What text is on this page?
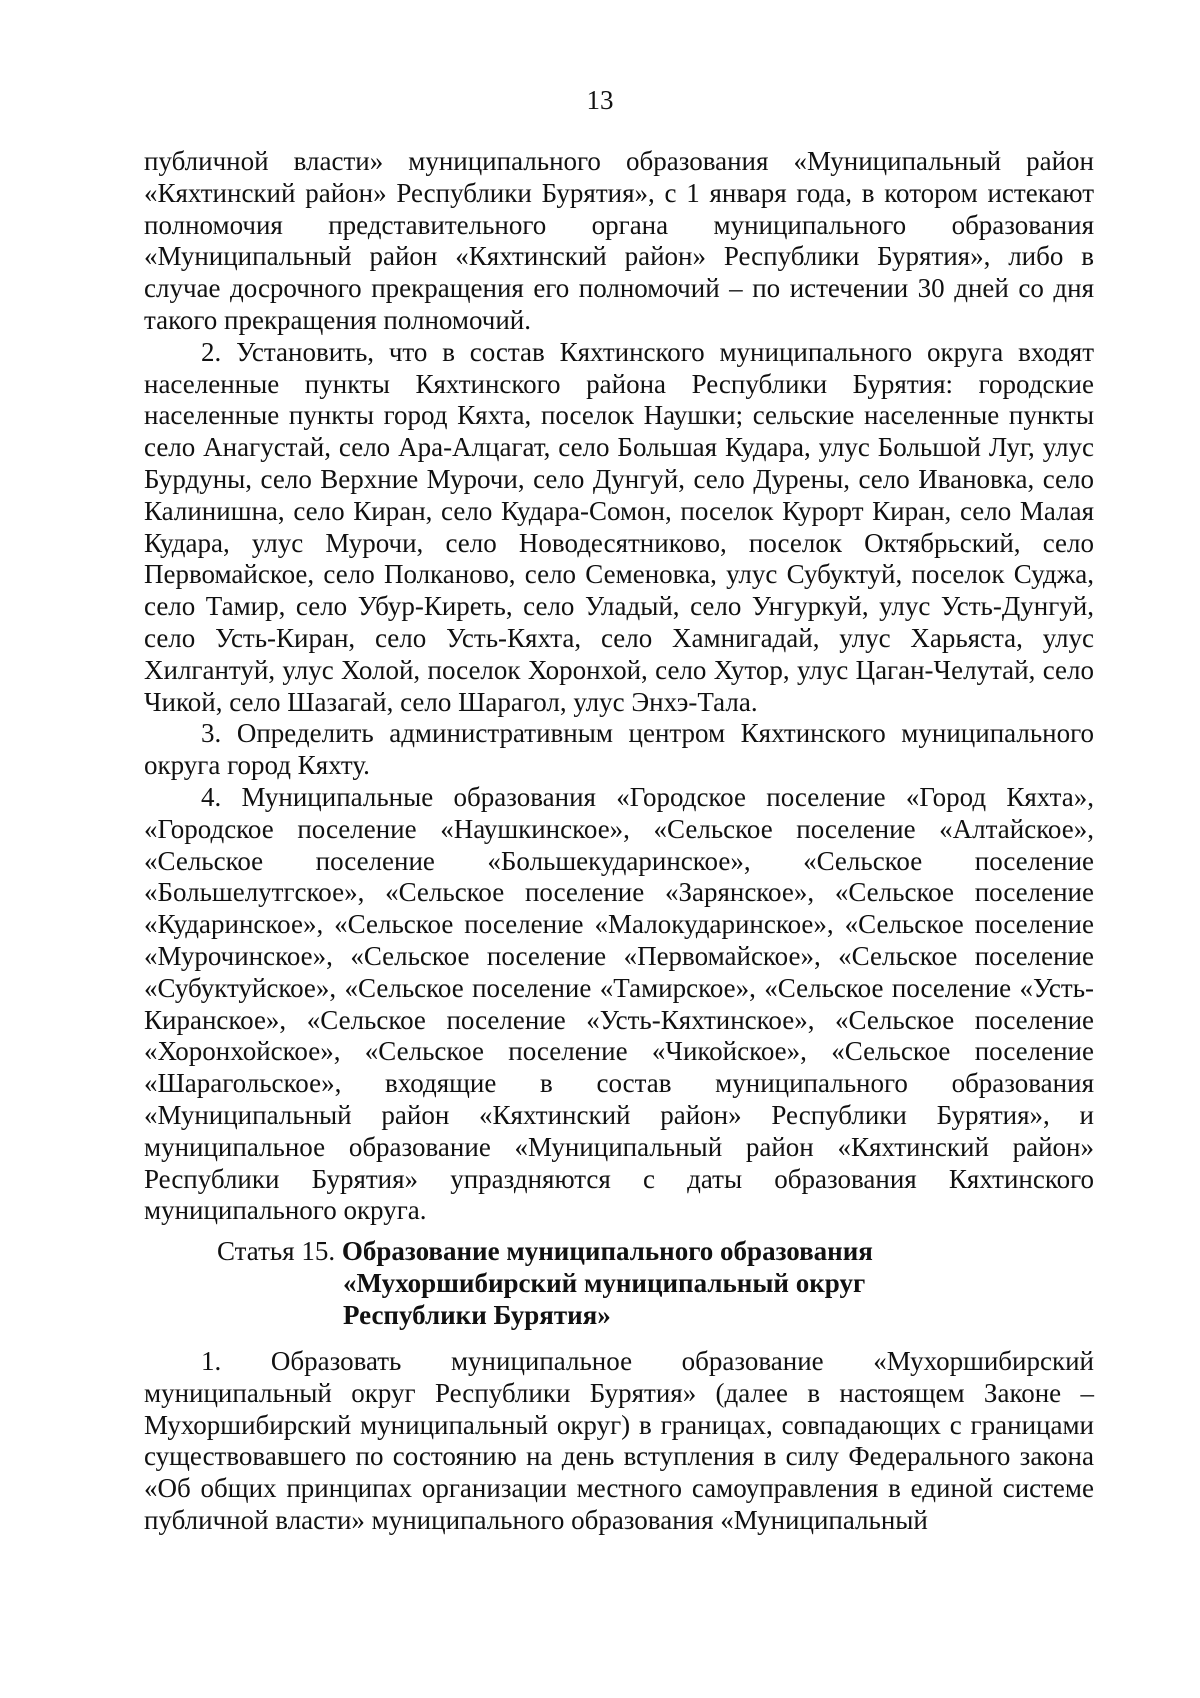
13

публичной власти» муниципального образования «Муниципальный район «Кяхтинский район» Республики Бурятия», с 1 января года, в котором истекают полномочия представительного органа муниципального образования «Муниципальный район «Кяхтинский район» Республики Бурятия», либо в случае досрочного прекращения его полномочий – по истечении 30 дней со дня такого прекращения полномочий.

2. Установить, что в состав Кяхтинского муниципального округа входят населенные пункты Кяхтинского района Республики Бурятия: городские населенные пункты город Кяхта, поселок Наушки; сельские населенные пункты село Анагустай, село Ара-Алцагат, село Большая Кудара, улус Большой Луг, улус Бурдуны, село Верхние Мурочи, село Дунгуй, село Дурены, село Ивановка, село Калинишна, село Киран, село Кудара-Сомон, поселок Курорт Киран, село Малая Кудара, улус Мурочи, село Новодесятниково, поселок Октябрьский, село Первомайское, село Полканово, село Семеновка, улус Субуктуй, поселок Суджа, село Тамир, село Убур-Киреть, село Уладый, село Унгуркуй, улус Усть-Дунгуй, село Усть-Киран, село Усть-Кяхта, село Хамнигадай, улус Харьяста, улус Хилгантуй, улус Холой, поселок Хоронхой, село Хутор, улус Цаган-Челутай, село Чикой, село Шазагай, село Шарагол, улус Энхэ-Тала.

3. Определить административным центром Кяхтинского муниципального округа город Кяхту.

4. Муниципальные образования «Городское поселение «Город Кяхта», «Городское поселение «Наушкинское», «Сельское поселение «Алтайское», «Сельское поселение «Большекударинское», «Сельское поселение «Большелутгское», «Сельское поселение «Зарянское», «Сельское поселение «Кударинское», «Сельское поселение «Малокударинское», «Сельское поселение «Мурочинское», «Сельское поселение «Первомайское», «Сельское поселение «Субуктуйское», «Сельское поселение «Тамирское», «Сельское поселение «Усть-Киранское», «Сельское поселение «Усть-Кяхтинское», «Сельское поселение «Хоронхойское», «Сельское поселение «Чикойское», «Сельское поселение «Шарагольское», входящие в состав муниципального образования «Муниципальный район «Кяхтинский район» Республики Бурятия», и муниципальное образование «Муниципальный район «Кяхтинский район» Республики Бурятия» упраздняются с даты образования Кяхтинского муниципального округа.

Статья 15. Образование муниципального образования
«Мухоршибирский муниципальный округ
Республики Бурятия»

1. Образовать муниципальное образование «Мухоршибирский муниципальный округ Республики Бурятия» (далее в настоящем Законе – Мухоршибирский муниципальный округ) в границах, совпадающих с границами существовавшего по состоянию на день вступления в силу Федерального закона «Об общих принципах организации местного самоуправления в единой системе публичной власти» муниципального образования «Муниципальный
